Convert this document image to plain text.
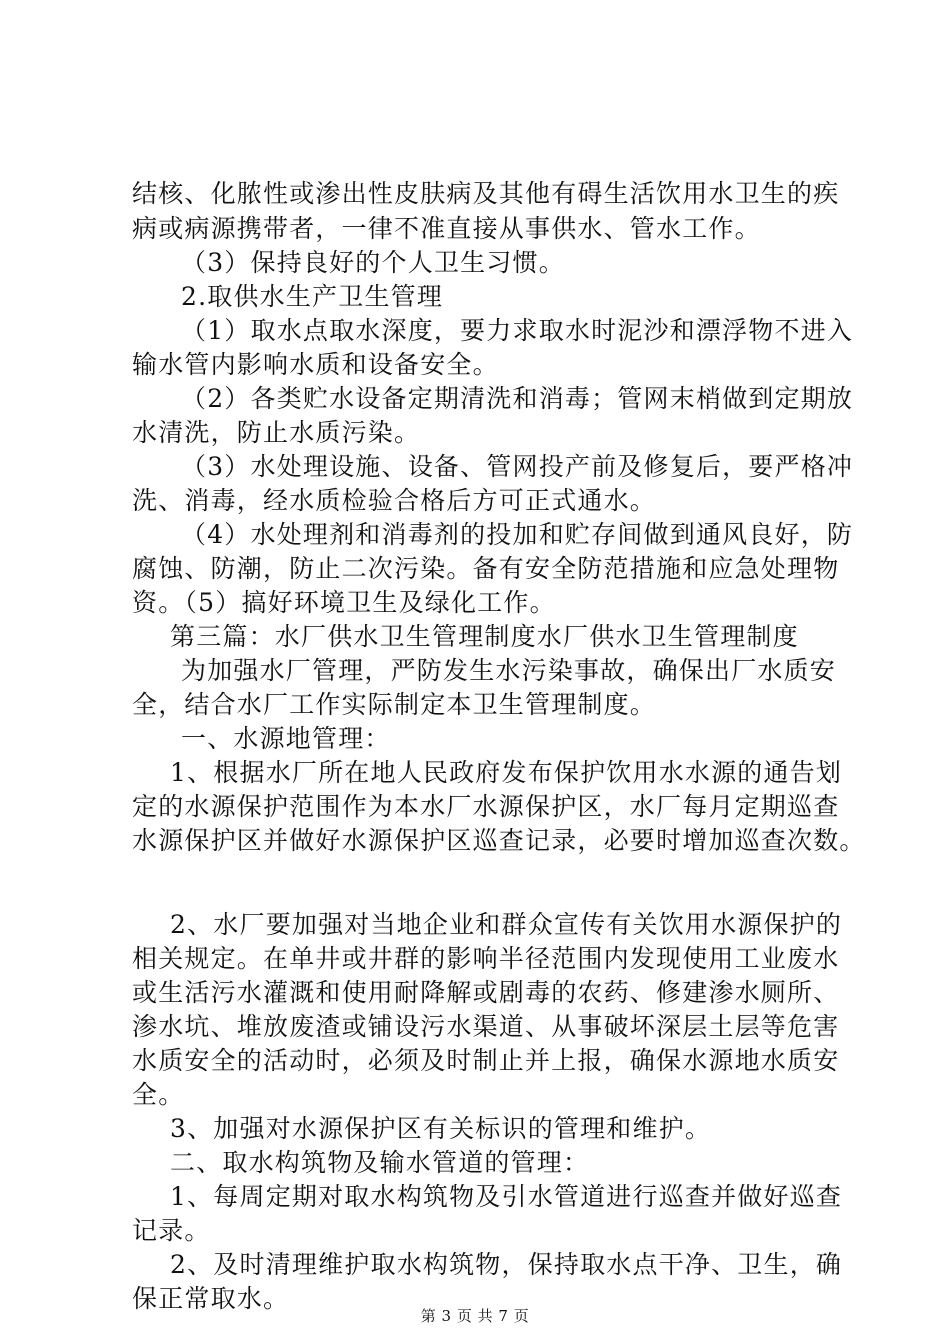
结核、化脓性或渗出性皮肤病及其他有碍生活饮用水卫生的疾
病或病源携带者，一律不准直接从事供水、管水工作。
（3）保持良好的个人卫生习惯。
2.取供水生产卫生管理
（1）取水点取水深度，要力求取水时泥沙和漂浮物不进入
输水管内影响水质和设备安全。
（2）各类贮水设备定期清洗和消毒；管网末梢做到定期放
水清洗，防止水质污染。
（3）水处理设施、设备、管网投产前及修复后，要严格冲
洗、消毒，经水质检验合格后方可正式通水。
（4）水处理剂和消毒剂的投加和贮存间做到通风良好，防
腐蚀、防潮，防止二次污染。备有安全防范措施和应急处理物
资。（5）搞好环境卫生及绿化工作。
第三篇：水厂供水卫生管理制度水厂供水卫生管理制度
为加强水厂管理，严防发生水污染事故，确保出厂水质安
全，结合水厂工作实际制定本卫生管理制度。
一、水源地管理：
1、根据水厂所在地人民政府发布保护饮用水水源的通告划
定的水源保护范围作为本水厂水源保护区，水厂每月定期巡查
水源保护区并做好水源保护区巡查记录，必要时增加巡查次数。
2、水厂要加强对当地企业和群众宣传有关饮用水源保护的
相关规定。在单井或井群的影响半径范围内发现使用工业废水
或生活污水灌溉和使用耐降解或剧毒的农药、修建渗水厕所、
渗水坑、堆放废渣或铺设污水渠道、从事破坏深层土层等危害
水质安全的活动时，必须及时制止并上报，确保水源地水质安
全。
3、加强对水源保护区有关标识的管理和维护。
二、取水构筑物及输水管道的管理：
1、每周定期对取水构筑物及引水管道进行巡查并做好巡查
记录。
2、及时清理维护取水构筑物，保持取水点干净、卫生，确
保正常取水。
第 3 页 共 7 页
